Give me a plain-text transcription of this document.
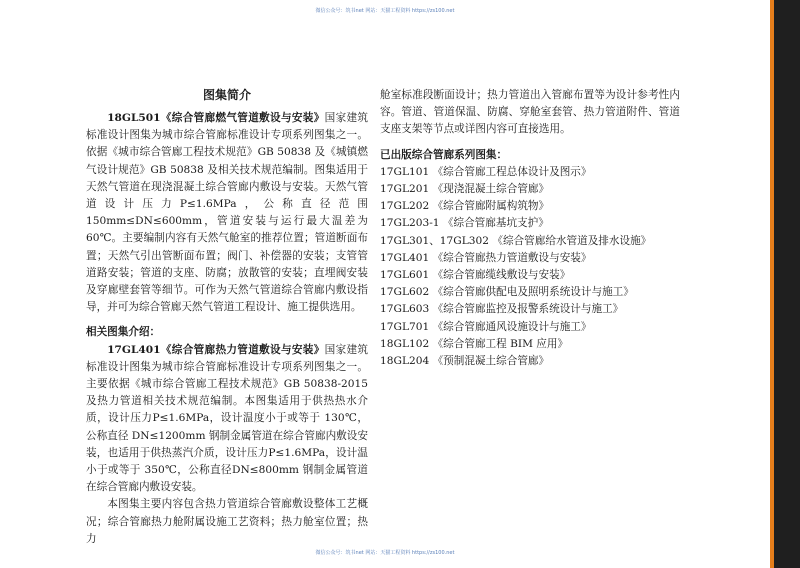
微信公众号：筑书net 网站：天猫工程资料 https://zs100.net

图集简介

18GL501《综合管廊燃气管道敷设与安装》国家建筑标准设计图集为城市综合管廊标准设计专项系列图集之一。依据《城市综合管廊工程技术规范》GB 50838 及《城镇燃气设计规范》GB 50838 及相关技术规范编制。图集适用于天然气管道在现浇混凝土综合管廊内敷设与安装。天然气管道设计压力P≤1.6MPa，公称直径范围 150mm≤DN≤600mm，管道安装与运行最大温差为 60℃。主要编制内容有天然气舱室的推荐位置；管道断面布置；天然气引出管断面布置；阀门、补偿器的安装；支管管道路安装；管道的支座、防腐；放散管的安装；直埋阀安装及穿廊壁套管等细节。可作为天然气管道综合管廊内敷设指导，并可为综合管廊天然气管道工程设计、施工提供选用。

相关图集介绍：

17GL401《综合管廊热力管道敷设与安装》国家建筑标准设计图集为城市综合管廊标准设计专项系列图集之一。主要依据《城市综合管廊工程技术规范》GB 50838-2015 及热力管道相关技术规范编制。本图集适用于供热热水介质，设计压力P≤1.6MPa，设计温度小于或等于 130℃，公称直径 DN≤1200mm 钢制金属管道在综合管廊内敷设安装，也适用于供热蒸汽介质，设计压力P≤1.6MPa，设计温小于或等于 350℃，公称直径DN≤800mm 钢制金属管道在综合管廊内敷设安装。

本图集主要内容包含热力管道综合管廊敷设整体工艺概况；综合管廊热力舱附属设施工艺资料；热力舱室位置；热力

舱室标准段断面设计；热力管道出入管廊布置等为设计参考性内容。管道、管道保温、防腐、穿舱室套管、热力管道附件、管道支座支架等节点或详图内容可直接选用。

已出版综合管廊系列图集：

17GL101 《综合管廊工程总体设计及图示》
17GL201 《现浇混凝土综合管廊》
17GL202 《综合管廊附属构筑物》
17GL203-1 《综合管廊基坑支护》
17GL301、17GL302 《综合管廊给水管道及排水设施》
17GL401 《综合管廊热力管道敷设与安装》
17GL601 《综合管廊缆线敷设与安装》
17GL602 《综合管廊供配电及照明系统设计与施工》
17GL603 《综合管廊监控及报警系统设计与施工》
17GL701 《综合管廊通风设施设计与施工》
18GL102 《综合管廊工程 BIM 应用》
18GL204 《预制混凝土综合管廊》
微信公众号：筑书net 网站：天猫工程资料 https://zs100.net
